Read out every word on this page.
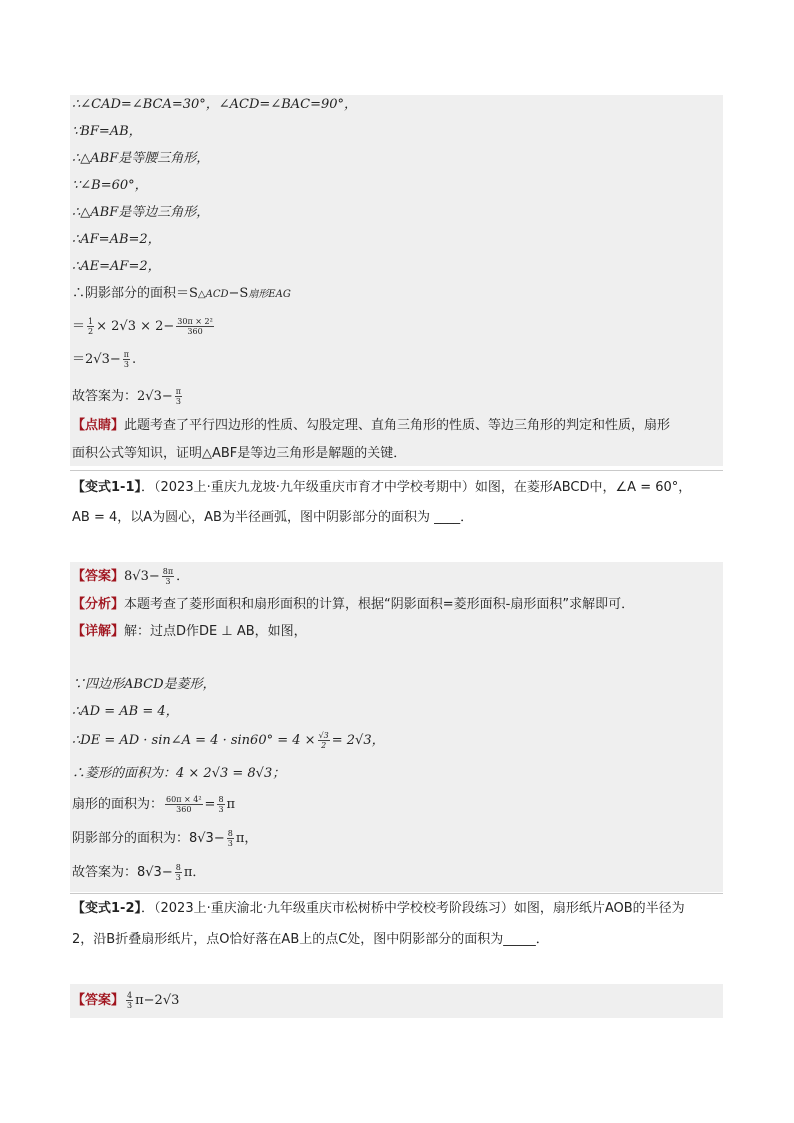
∴∠CAD=∠BCA=30°，∠ACD=∠BAC=90°，
∵BF=AB，
∴△ABF是等腰三角形，
∵∠B=60°，
∴△ABF是等边三角形，
∴AF=AB=2，
∴AE=AF=2，
∴阴影部分的面积＝S△ACD−S扇形EAG
＝ $\frac{1}{2} \times 2√3 \times 2- \frac{\text{30π × 2²}}{360}$
$=2√3- \frac{\pi}{3}$ .
故答案为：$2√3- \frac{\pi}{3}$
【点睛】此题考查了平行四边形的性质、勾股定理、直角三角形的性质、等边三角形的判定和性质，扇形
面积公式等知识，证明△ABF是等边三角形是解题的关键．
【变式1-1】．（2023上·重庆九龙坡·九年级重庆市育才中学校考期中）如图，在菱形ABCD中，∠A = 60°，
AB = 4，以A为圆心，AB为半径画弧，图中阴影部分的面积为 ____．
【答案】$8√3- \frac{8\pi}{3}$ ．
【分析】本题考查了菱形面积和扇形面积的计算，根据“阴影面积=菱形面积-扇形面积”求解即可．
【详解】解：过点D作DE ⊥ AB，如图，
∵四边形ABCD是菱形，
∴AD = AB = 4，
∴DE = AD · sin∠A = $4 \cdot \sin 60^\circ = 4 \times \frac{√3}{2} = 2√3$，
∴菱形的面积为：4 × 2√3 = 8√3；
扇形的面积为： $\frac{\text{60π × 4²}}{360} = \frac{8}{3}$ π
阴影部分的面积为：$8√3- \frac{8}{3}$ π，
故答案为：$8√3- \frac{8}{3}$ π．
【变式1-2】．（2023上·重庆渝北·九年级重庆市松树桥中学校校考阶段练习）如图，扇形纸片AOB的半径为
2，沿B折叠扇形纸片，点O恰好落在AB上的点C处，图中阴影部分的面积为_____．
【答案】 $\frac{4}{3} \pi-2√3$
